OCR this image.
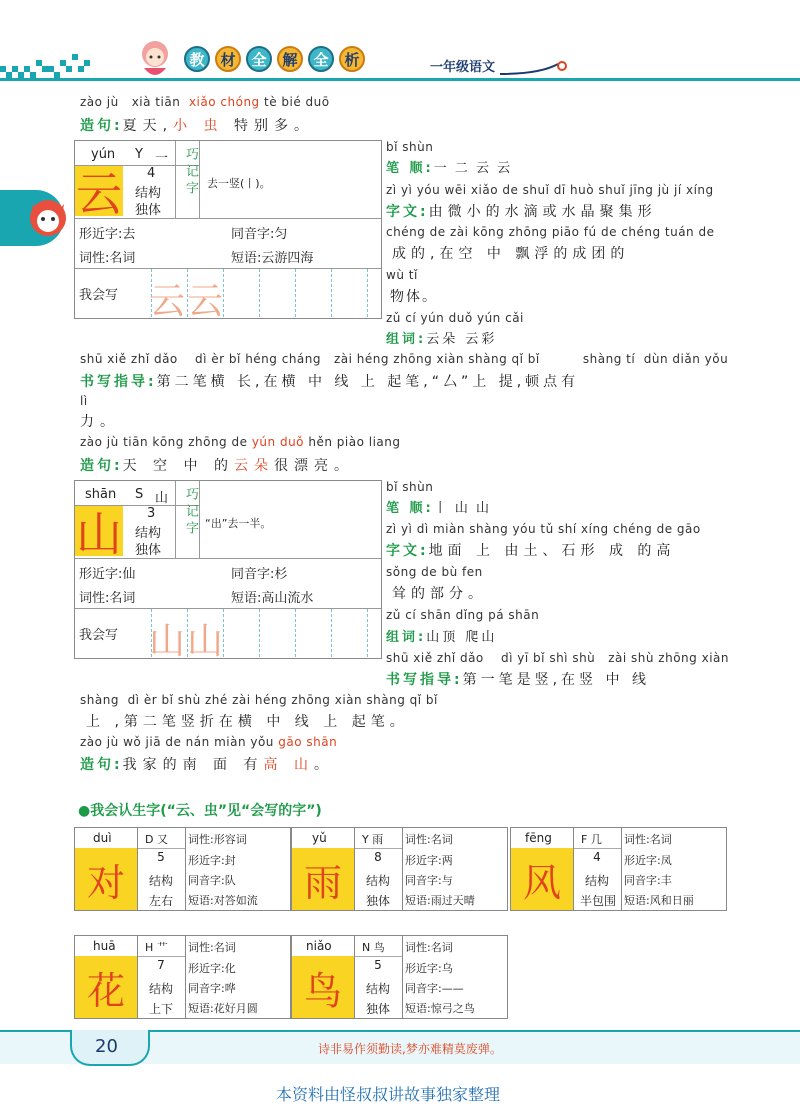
教	材	全	解	全	析	一年级语文
zào jù xià tiān xiǎo chóng tè bié duō
造句:夏天,小 虫 特别多。
yún Y 一
云 4
结构
独体
巧记字 去一竖(丨)。
形近字:去	同音字:匀
词性:名词	短语:云游四海
我会写 云 云
bǐ shùn
笔 顺:一 二 云 云
zì yì yóu wēi xiǎo de shuǐ dī huò shuǐ jīng jù jí xíng
字文:由微小的水滴或水晶聚集形
chéng de zài kōng zhōng piāo fú de chéng tuán de
成的,在空 中 飘浮的成团的
wù tǐ
物体。
zǔ cí yún duǒ yún cǎi
组词:云朵 云彩
shū xiě zhǐ dǎo    dì èr bǐ héng cháng   zài héng zhōng xiàn shàng qǐ bǐ          shàng tí  dùn diǎn yǒu
书写指导:第二笔横 长,在横 中 线 上 起笔,“厶”上 提,顿点有
lì
力。
zào jù tiān kōng zhōng de yún duǒ hěn piào liang
造句:天 空 中 的云朵很漂亮。
shān S 山
山 3
结构
独体
巧记字 “出”去一半。
形近字:仙	同音字:杉
词性:名词	短语:高山流水
我会写 山 山
bǐ shùn
笔 顺:丨 山 山
zì yì dì miàn shàng yóu tǔ shí xíng chéng de gāo
字文:地面 上 由土、石形 成 的高
sǒng de bù fen
耸的部分。
zǔ cí shān dǐng pá shān
组词:山顶 爬山
shū xiě zhǐ dǎo    dì yī bǐ shì shù   zài shù zhōng xiàn
书写指导:第一笔是竖,在竖 中 线
shàng  dì èr bǐ shù zhé zài héng zhōng xiàn shàng qǐ bǐ
上 ,第二笔竖折在横 中 线 上 起笔。
zào jù wǒ jiā de nán miàn yǒu gāo shān
造句:我家的南 面 有高 山。
●我会认生字(“云、虫”见“会写的字”)
duì	D 又
对
5
结构
左右
词性:形容词
形近字:封
同音字:队
短语:对答如流
yǔ	Y 雨
雨
8
结构
独体
词性:名词
形近字:两
同音字:与
短语:雨过天晴
fēng	F 几
风
4
结构
半包围
词性:名词
形近字:凤
同音字:丰
短语:风和日丽
huā	H 艹
花
7
结构
上下
词性:名词
形近字:化
同音字:哗
短语:花好月圆
niǎo	N 鸟
鸟
5
结构
独体
词性:名词
形近字:乌
同音字:——
短语:惊弓之鸟
20	诗非易作须勤读,梦亦难精莫废弹。
本资料由怪叔叔讲故事独家整理
